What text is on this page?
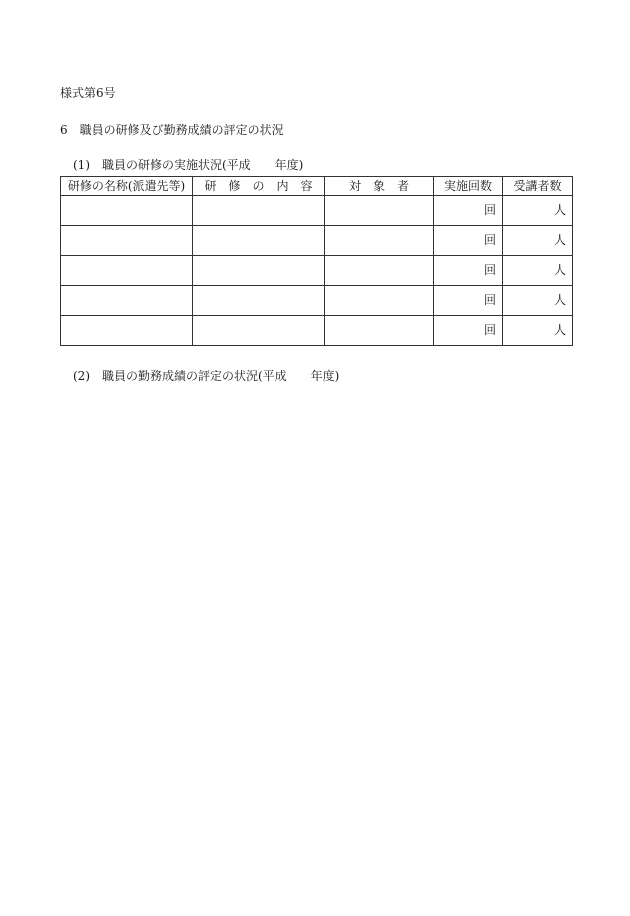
様式第6号
6　職員の研修及び勤務成績の評定の状況
(1)　職員の研修の実施状況(平成　　年度)
研修の名称(派遣先等)	研　修　の　内　容	対　象　者	実施回数	受講者数
			回	人
			回	人
			回	人
			回	人
			回	人
(2)　職員の勤務成績の評定の状況(平成　　年度)
